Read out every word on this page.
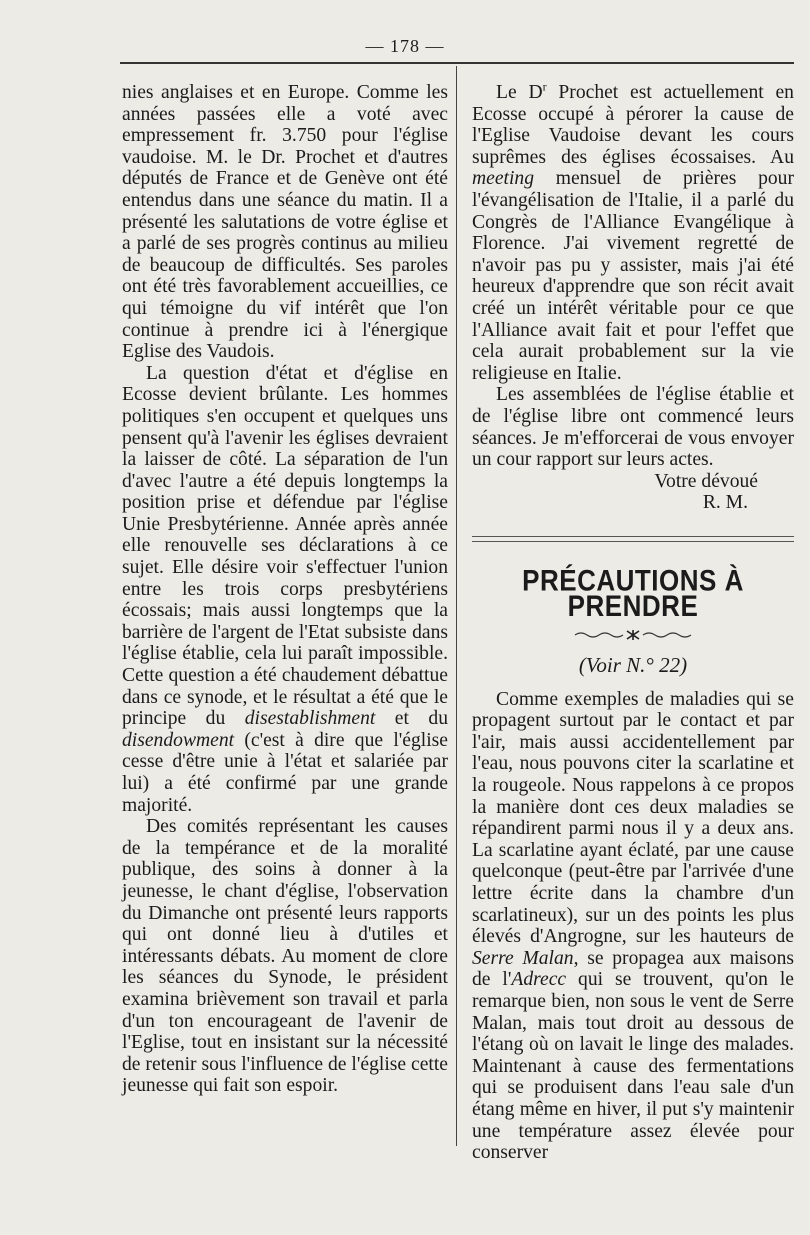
— 178 —

nies anglaises et en Europe. Comme les années passées elle a voté avec empressement fr. 3.750 pour l'église vaudoise. M. le Dr. Prochet et d'autres députés de France et de Genève ont été entendus dans une séance du matin. Il a présenté les salutations de votre église et a parlé de ses progrès continus au milieu de beaucoup de difficultés. Ses paroles ont été très favorablement accueillies, ce qui témoigne du vif intérêt que l'on continue à prendre ici à l'énergique Eglise des Vaudois.

La question d'état et d'église en Ecosse devient brûlante. Les hommes politiques s'en occupent et quelques uns pensent qu'à l'avenir les églises devraient la laisser de côté. La séparation de l'un d'avec l'autre a été depuis longtemps la position prise et défendue par l'église Unie Presbytérienne. Année après année elle renouvelle ses déclarations à ce sujet. Elle désire voir s'effectuer l'union entre les trois corps presbytériens écossais; mais aussi longtemps que la barrière de l'argent de l'Etat subsiste dans l'église établie, cela lui paraît impossible. Cette question a été chaudement débattue dans ce synode, et le résultat a été que le principe du disestablishment et du disendowment (c'est à dire que l'église cesse d'être unie à l'état et salariée par lui) a été confirmé par une grande majorité.

Des comités représentant les causes de la tempérance et de la moralité publique, des soins à donner à la jeunesse, le chant d'église, l'observation du Dimanche ont présenté leurs rapports qui ont donné lieu à d'utiles et intéressants débats. Au moment de clore les séances du Synode, le président examina brièvement son travail et parla d'un ton encourageant de l'avenir de l'Eglise, tout en insistant sur la nécessité de retenir sous l'influence de l'église cette jeunesse qui fait son espoir.

Le $D^r$ Prochet est actuellement en Ecosse occupé à pérorer la cause de l'Eglise Vaudoise devant les cours suprêmes des églises écossaises. Au meeting mensuel de prières pour l'évangélisation de l'Italie, il a parlé du Congrès de l'Alliance Evangélique à Florence. J'ai vivement regretté de n'avoir pas pu y assister, mais j'ai été heureux d'apprendre que son récit avait créé un intérêt véritable pour ce que l'Alliance avait fait et pour l'effet que cela aurait probablement sur la vie religieuse en Italie.

Les assemblées de l'église établie et de l'église libre ont commencé leurs séances. Je m'efforcerai de vous envoyer un cour rapport sur leurs actes.

Votre dévoué
R. M.

PRÉCAUTIONS À PRENDRE
(Voir N.° 22)

Comme exemples de maladies qui se propagent surtout par le contact et par l'air, mais aussi accidentellement par l'eau, nous pouvons citer la scarlatine et la rougeole. Nous rappelons à ce propos la manière dont ces deux maladies se répandirent parmi nous il y a deux ans. La scarlatine ayant éclaté, par une cause quelconque (peut-être par l'arrivée d'une lettre écrite dans la chambre d'un scarlatineux), sur un des points les plus élevés d'Angrogne, sur les hauteurs de Serre Malan, se propagea aux maisons de l'Adrecc qui se trouvent, qu'on le remarque bien, non sous le vent de Serre Malan, mais tout droit au dessous de l'étang où on lavait le linge des malades. Maintenant à cause des fermentations qui se produisent dans l'eau sale d'un étang même en hiver, il put s'y maintenir une température assez élevée pour conserver
